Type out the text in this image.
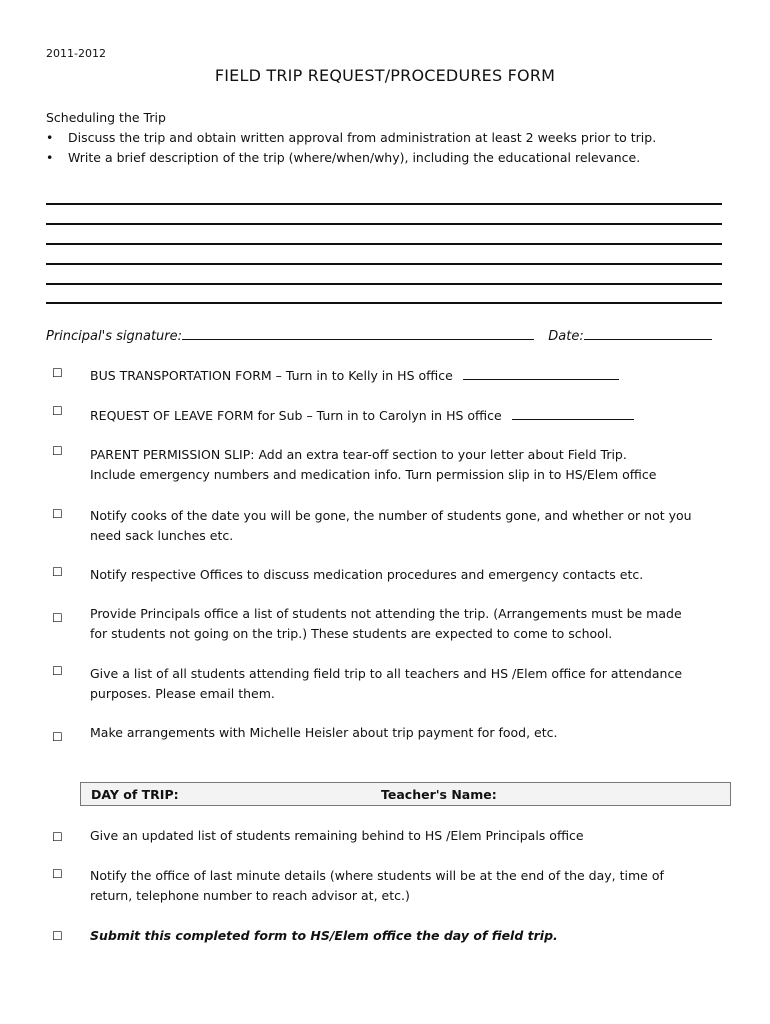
2011-2012
FIELD TRIP REQUEST/PROCEDURES FORM
Scheduling the Trip
• Discuss the trip and obtain written approval from administration at least 2 weeks prior to trip.
• Write a brief description of the trip (where/when/why), including the educational relevance.
Principal's signature:	Date:
☐ BUS TRANSPORTATION FORM – Turn in to Kelly in HS office
☐ REQUEST OF LEAVE FORM for Sub – Turn in to Carolyn in HS office
☐ PARENT PERMISSION SLIP: Add an extra tear-off section to your letter about Field Trip.
Include emergency numbers and medication info. Turn permission slip in to HS/Elem office
☐ Notify cooks of the date you will be gone, the number of students gone, and whether or not you
need sack lunches etc.
☐ Notify respective Offices to discuss medication procedures and emergency contacts etc.
☐ Provide Principals office a list of students not attending the trip. (Arrangements must be made
for students not going on the trip.) These students are expected to come to school.
☐ Give a list of all students attending field trip to all teachers and HS /Elem office for attendance
purposes. Please email them.
☐ Make arrangements with Michelle Heisler about trip payment for food, etc.
DAY of TRIP:	Teacher's Name:
☐ Give an updated list of students remaining behind to HS /Elem Principals office
☐ Notify the office of last minute details (where students will be at the end of the day, time of
return, telephone number to reach advisor at, etc.)
☐ Submit this completed form to HS/Elem office the day of field trip.
